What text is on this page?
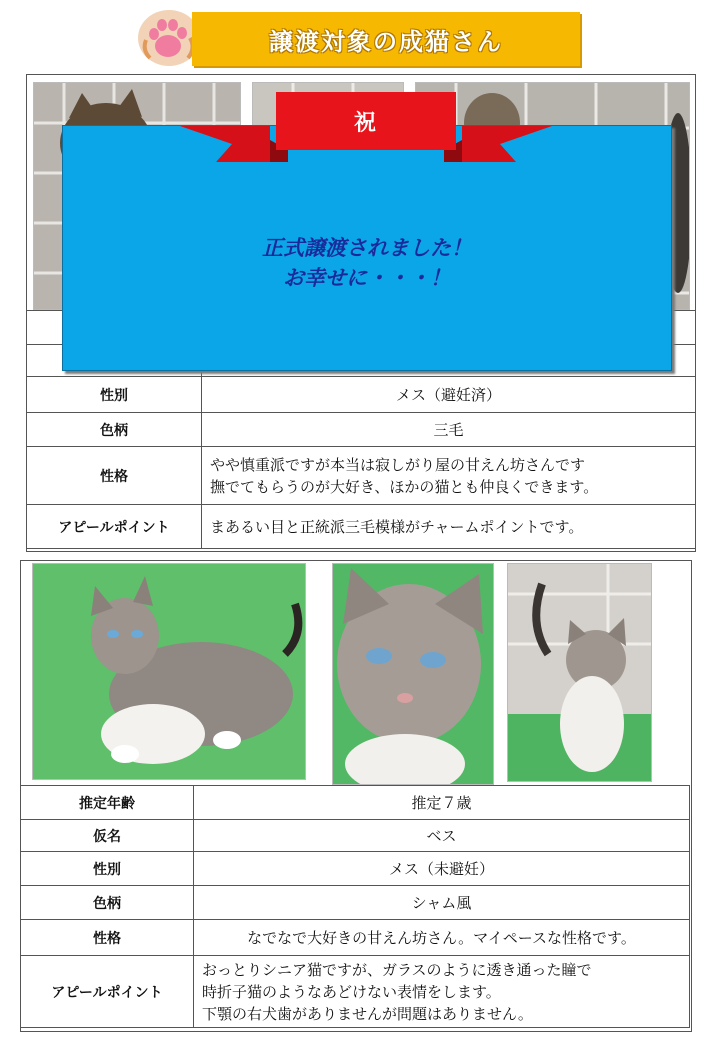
譲渡対象の成猫さん

性別	メス（避妊済）
色柄	三毛
性格	やや慎重派ですが本当は寂しがり屋の甘えん坊さんです
撫でてもらうのが大好き、ほかの猫とも仲良くできます。
アピールポイント	まあるい目と正統派三毛模様がチャームポイントです。
正式譲渡されました！
お幸せに・・・！
祝
推定年齢	推定７歳
仮名	ベス
性別	メス（未避妊）
色柄	シャム風
性格	なでなで大好きの甘えん坊さん。マイペースな性格です。
アピールポイント	おっとりシニア猫ですが、ガラスのように透き通った瞳で
時折子猫のようなあどけない表情をします。
下顎の右犬歯がありませんが問題はありません。
